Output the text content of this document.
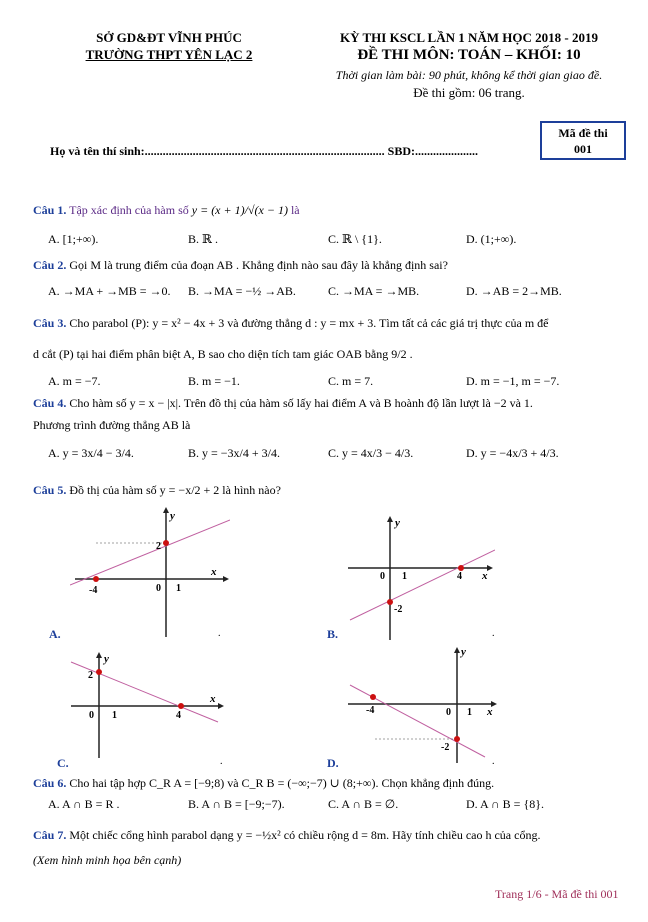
SỞ GD&ĐT VĨNH PHÚC
TRƯỜNG THPT YÊN LẠC 2
KỲ THI KSCL LẦN 1 NĂM HỌC 2018 - 2019
ĐỀ THI MÔN: TOÁN – KHỐI: 10
Thời gian làm bài: 90 phút, không kể thời gian giao đề.
Đề thi gồm: 06 trang.
Mã đề thi
001
Họ và tên thí sinh:................................................................................ SBD:.....................
Câu 1. Tập xác định của hàm số y = (x + 1)/√(x − 1) là
A. [1;+∞).	B. ℝ .	C. ℝ \ {1}.	D. (1;+∞).
Câu 2. Gọi M là trung điểm của đoạn AB . Khẳng định nào sau đây là khẳng định sai?
A. →MA + →MB = →0. B. →MA = −½ →AB.	C. →MA = →MB.	D. →AB = 2→MB.
Câu 3. Cho parabol (P): y = x² − 4x + 3 và đường thẳng d : y = mx + 3. Tìm tất cả các giá trị thực của m để
d cắt (P) tại hai điểm phân biệt A, B sao cho diện tích tam giác OAB bằng 9/2 .
A. m = −7.	B. m = −1.	C. m = 7.	D. m = −1, m = −7.
Câu 4. Cho hàm số y = x − |x|. Trên đồ thị của hàm số lấy hai điểm A và B hoành độ lần lượt là −2 và 1.
Phương trình đường thẳng AB là
A. y = 3x/4 − 3/4.	B. y = −3x/4 + 3/4.	C. y = 4x/3 − 4/3.	D. y = −4x/3 + 4/3.
Câu 5. Đồ thị của hàm số y = −x/2 + 2 là hình nào?
x
y
0 1
-4
2
A.	.
x
y
0 1	4
-2
B.	.
x
y
0 1	4
2
C.	.
x
y
0 1
-4
-2
D.	.
Câu 6. Cho hai tập hợp C_R A = [−9;8) và C_R B = (−∞;−7) ∪ (8;+∞). Chọn khẳng định đúng.
A. A ∩ B = R .	B. A ∩ B = [−9;−7).	C. A ∩ B = ∅.	D. A ∩ B = {8}.
Câu 7. Một chiếc cổng hình parabol dạng y = −½x² có chiều rộng d = 8m. Hãy tính chiều cao h của cổng.
(Xem hình minh họa bên cạnh)
Trang 1/6 - Mã đề thi 001
